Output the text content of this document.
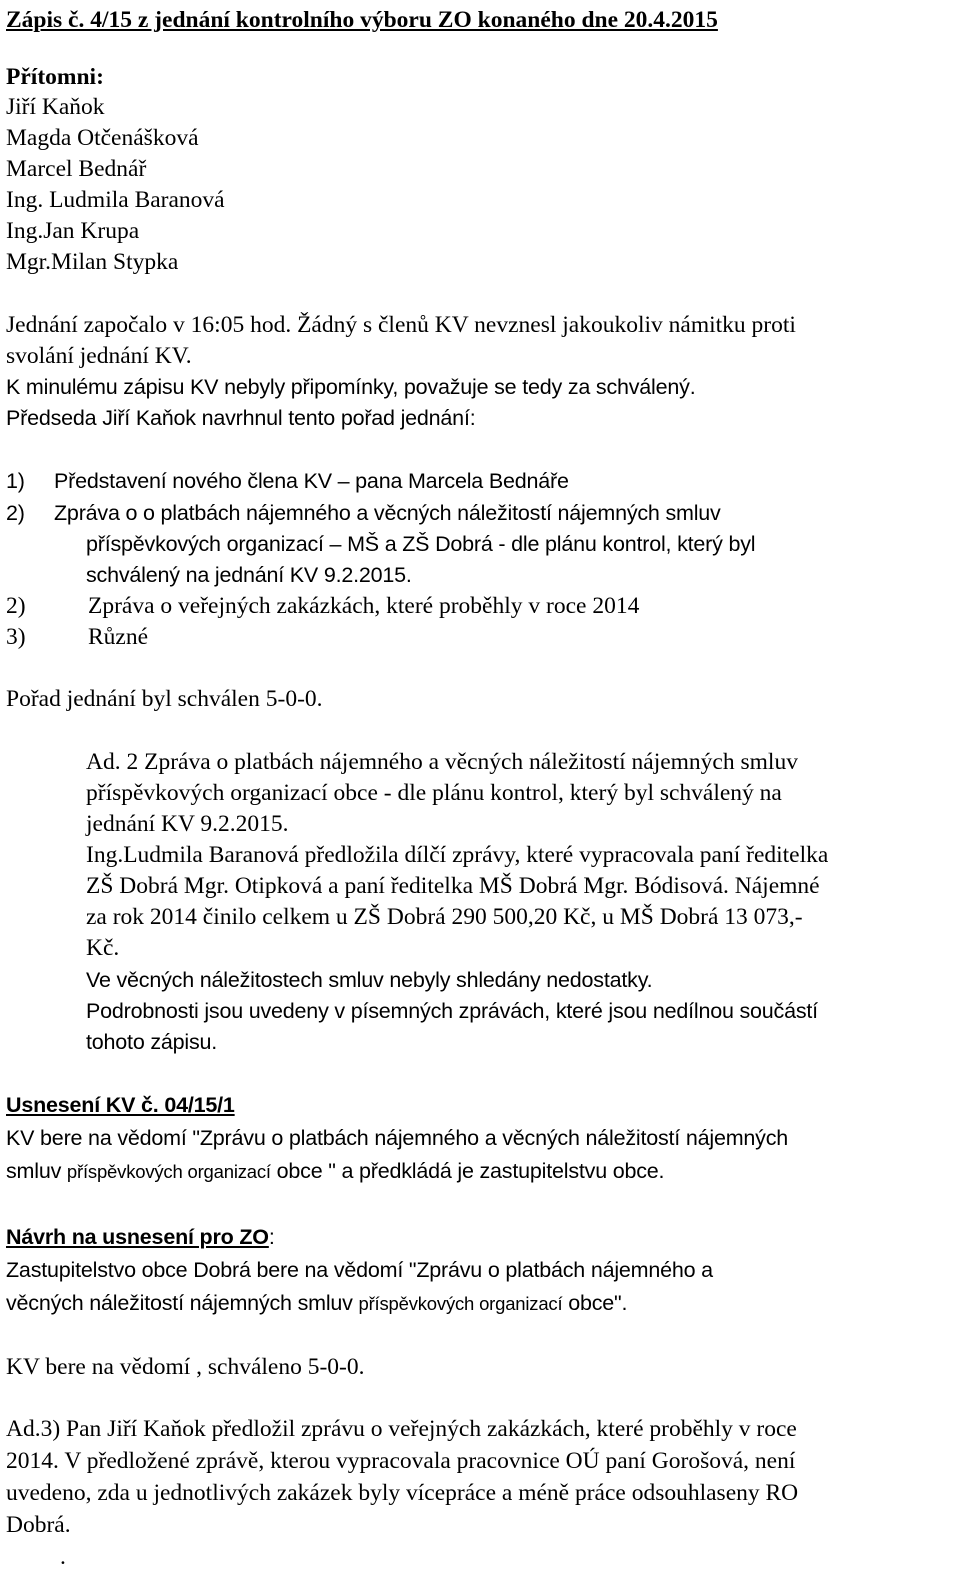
Zápis č. 4/15 z jednání kontrolního výboru ZO konaného dne 20.4.2015
Přítomni:
Jiří Kaňok
Magda Otčenášková
Marcel Bednář
Ing. Ludmila Baranová
Ing.Jan Krupa
Mgr.Milan Stypka
Jednání započalo v 16:05 hod. Žádný s členů KV nevznesl jakoukoliv námitku proti
svolání jednání KV.
K minulému zápisu KV nebyly připomínky, považuje se tedy za schválený.
Předseda Jiří Kaňok navrhnul tento pořad jednání:
1) Představení nového člena KV – pana Marcela Bednáře
2) Zpráva o o platbách nájemného a věcných náležitostí nájemných smluv
příspěvkových organizací – MŠ a ZŠ Dobrá - dle plánu kontrol, který byl
schválený na jednání KV 9.2.2015.
2)	Zpráva o veřejných zakázkách, které proběhly v roce 2014
3)	Různé
Pořad jednání byl schválen 5-0-0.
Ad. 2 Zpráva o platbách nájemného a věcných náležitostí nájemných smluv
příspěvkových organizací obce - dle plánu kontrol, který byl schválený na
jednání KV 9.2.2015.
Ing.Ludmila Baranová předložila dílčí zprávy, které vypracovala paní ředitelka
ZŠ Dobrá Mgr. Otipková a paní ředitelka MŠ Dobrá Mgr. Bódisová. Nájemné
za rok 2014 činilo celkem u ZŠ Dobrá 290 500,20 Kč, u MŠ Dobrá 13 073,-
Kč.
Ve věcných náležitostech smluv nebyly shledány nedostatky.
Podrobnosti jsou uvedeny v písemných zprávách, které jsou nedílnou součástí
tohoto zápisu.
Usnesení KV č. 04/15/1
KV bere na vědomí "Zprávu o platbách nájemného a věcných náležitostí nájemných
smluv příspěvkových organizací obce " a předkládá je zastupitelstvu obce.
Návrh na usnesení pro ZO:
Zastupitelstvo obce Dobrá bere na vědomí "Zprávu o platbách nájemného a
věcných náležitostí nájemných smluv příspěvkových organizací obce".
KV bere na vědomí , schváleno 5-0-0.
Ad.3) Pan Jiří Kaňok předložil zprávu o veřejných zakázkách, které proběhly v roce
2014. V předložené zprávě, kterou vypracovala pracovnice OÚ paní Gorošová, není
uvedeno, zda u jednotlivých zakázek byly vícepráce a méně práce odsouhlaseny RO
Dobrá.
.
